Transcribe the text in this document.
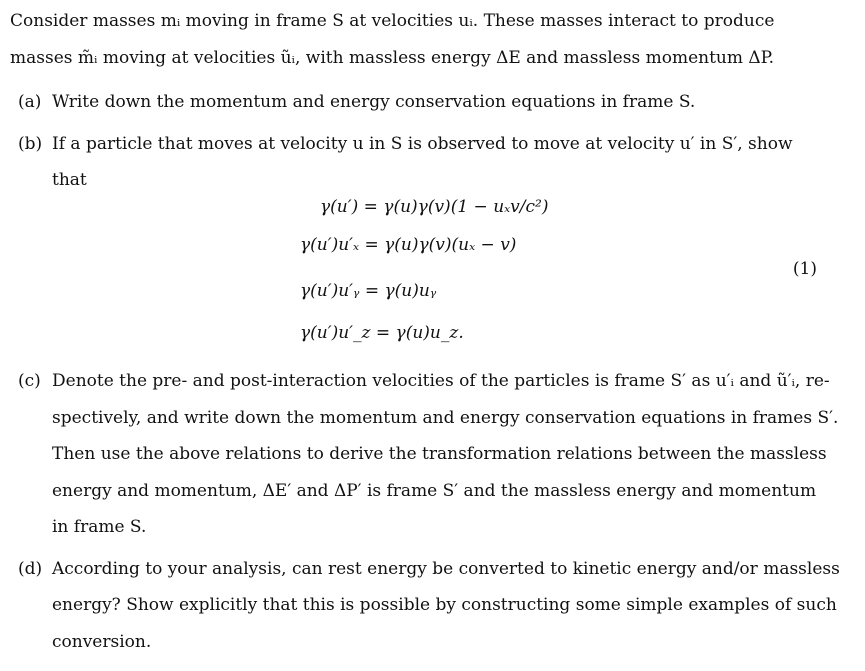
Consider masses mᵢ moving in frame S at velocities uᵢ. These masses interact to produce
masses m̃ᵢ moving at velocities ũᵢ, with massless energy ΔE and massless momentum ΔP.
(a) Write down the momentum and energy conservation equations in frame S.
(b) If a particle that moves at velocity u in S is observed to move at velocity u′ in S′, show
that
γ(u′) = γ(u)γ(v)(1 − uₓv/c²)
γ(u′)u′ₓ = γ(u)γ(v)(uₓ − v)
γ(u′)u′ᵧ = γ(u)uᵧ
γ(u′)u′_z = γ(u)u_z.
(1)
(c) Denote the pre- and post-interaction velocities of the particles is frame S′ as u′ᵢ and ũ′ᵢ, re-
spectively, and write down the momentum and energy conservation equations in frames S′.
Then use the above relations to derive the transformation relations between the massless
energy and momentum, ΔE′ and ΔP′ is frame S′ and the massless energy and momentum
in frame S.
(d) According to your analysis, can rest energy be converted to kinetic energy and/or massless
energy? Show explicitly that this is possible by constructing some simple examples of such
conversion.
